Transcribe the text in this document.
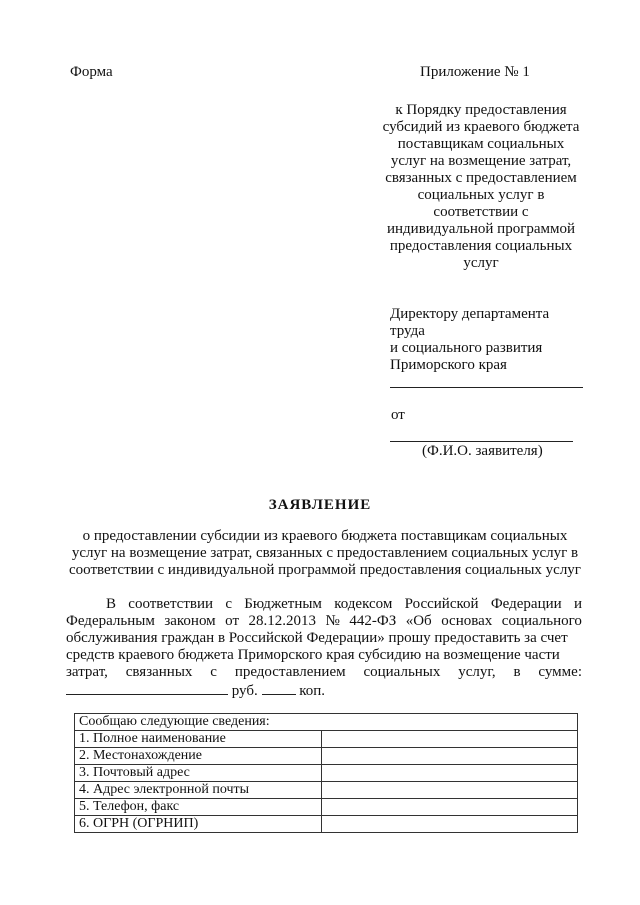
Форма	Приложение № 1
к Порядку предоставления
субсидий из краевого бюджета
поставщикам социальных
услуг на возмещение затрат,
связанных с предоставлением
социальных услуг в
соответствии с
индивидуальной программой
предоставления социальных
услуг
Директору департамента
труда
и социального развития
Приморского края
от
(Ф.И.О. заявителя)
ЗАЯВЛЕНИЕ
о предоставлении субсидии из краевого бюджета поставщикам социальных
услуг на возмещение затрат, связанных с предоставлением социальных услуг в
соответствии с индивидуальной программой предоставления социальных услуг
В соответствии с Бюджетным кодексом Российской Федерации и
Федеральным законом от 28.12.2013 № 442-ФЗ «Об основах социального
обслуживания граждан в Российской Федерации» прошу предоставить за счет
средств краевого бюджета Приморского края субсидию на возмещение части
затрат, связанных с предоставлением социальных услуг, в сумме:
руб.	коп.
Сообщаю следующие сведения:	
1. Полное наименование	
2. Местонахождение	
3. Почтовый адрес	
4. Адрес электронной почты	
5. Телефон, факс	
6. ОГРН (ОГРНИП)	
